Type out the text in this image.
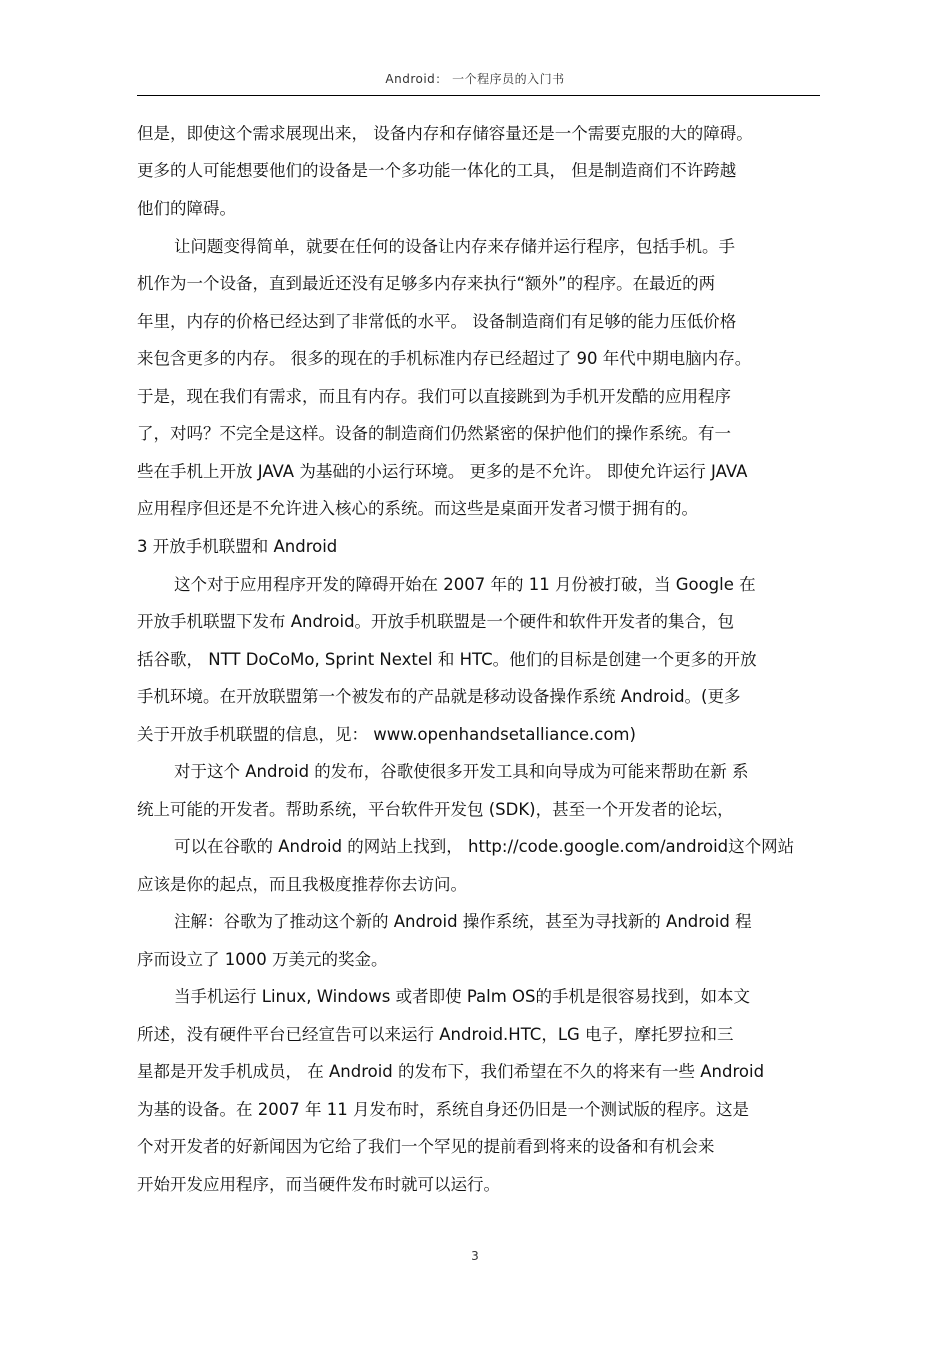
Android： 一个程序员的入门书
但是，即使这个需求展现出来， 设备内存和存储容量还是一个需要克服的大的障碍。
更多的人可能想要他们的设备是一个多功能一体化的工具， 但是制造商们不许跨越
他们的障碍。
让问题变得简单，就要在任何的设备让内存来存储并运行程序，包括手机。手
机作为一个设备，直到最近还没有足够多内存来执行“额外”的程序。在最近的两
年里，内存的价格已经达到了非常低的水平。 设备制造商们有足够的能力压低价格
来包含更多的内存。 很多的现在的手机标准内存已经超过了 90 年代中期电脑内存。
于是，现在我们有需求，而且有内存。我们可以直接跳到为手机开发酷的应用程序
了，对吗？不完全是这样。设备的制造商们仍然紧密的保护他们的操作系统。有一
些在手机上开放 JAVA 为基础的小运行环境。 更多的是不允许。 即使允许运行 JAVA
应用程序但还是不允许进入核心的系统。而这些是桌面开发者习惯于拥有的。
3 开放手机联盟和 Android
这个对于应用程序开发的障碍开始在 2007 年的 11 月份被打破，当 Google 在
开放手机联盟下发布 Android。开放手机联盟是一个硬件和软件开发者的集合，包
括谷歌， NTT DoCoMo, Sprint Nextel 和 HTC。他们的目标是创建一个更多的开放
手机环境。在开放联盟第一个被发布的产品就是移动设备操作系统 Android。(更多
关于开放手机联盟的信息，见： www.openhandsetalliance.com)
对于这个 Android 的发布，谷歌使很多开发工具和向导成为可能来帮助在新 系
统上可能的开发者。帮助系统，平台软件开发包 (SDK)，甚至一个开发者的论坛，
可以在谷歌的 Android 的网站上找到， http://code.google.com/android这个网站
应该是你的起点，而且我极度推荐你去访问。
注解：谷歌为了推动这个新的 Android 操作系统，甚至为寻找新的 Android 程
序而设立了 1000 万美元的奖金。
当手机运行 Linux, Windows 或者即使 Palm OS的手机是很容易找到，如本文
所述，没有硬件平台已经宣告可以来运行 Android.HTC，LG 电子，摩托罗拉和三
星都是开发手机成员， 在 Android 的发布下，我们希望在不久的将来有一些 Android
为基的设备。在 2007 年 11 月发布时，系统自身还仍旧是一个测试版的程序。这是
个对开发者的好新闻因为它给了我们一个罕见的提前看到将来的设备和有机会来
开始开发应用程序，而当硬件发布时就可以运行。
3
